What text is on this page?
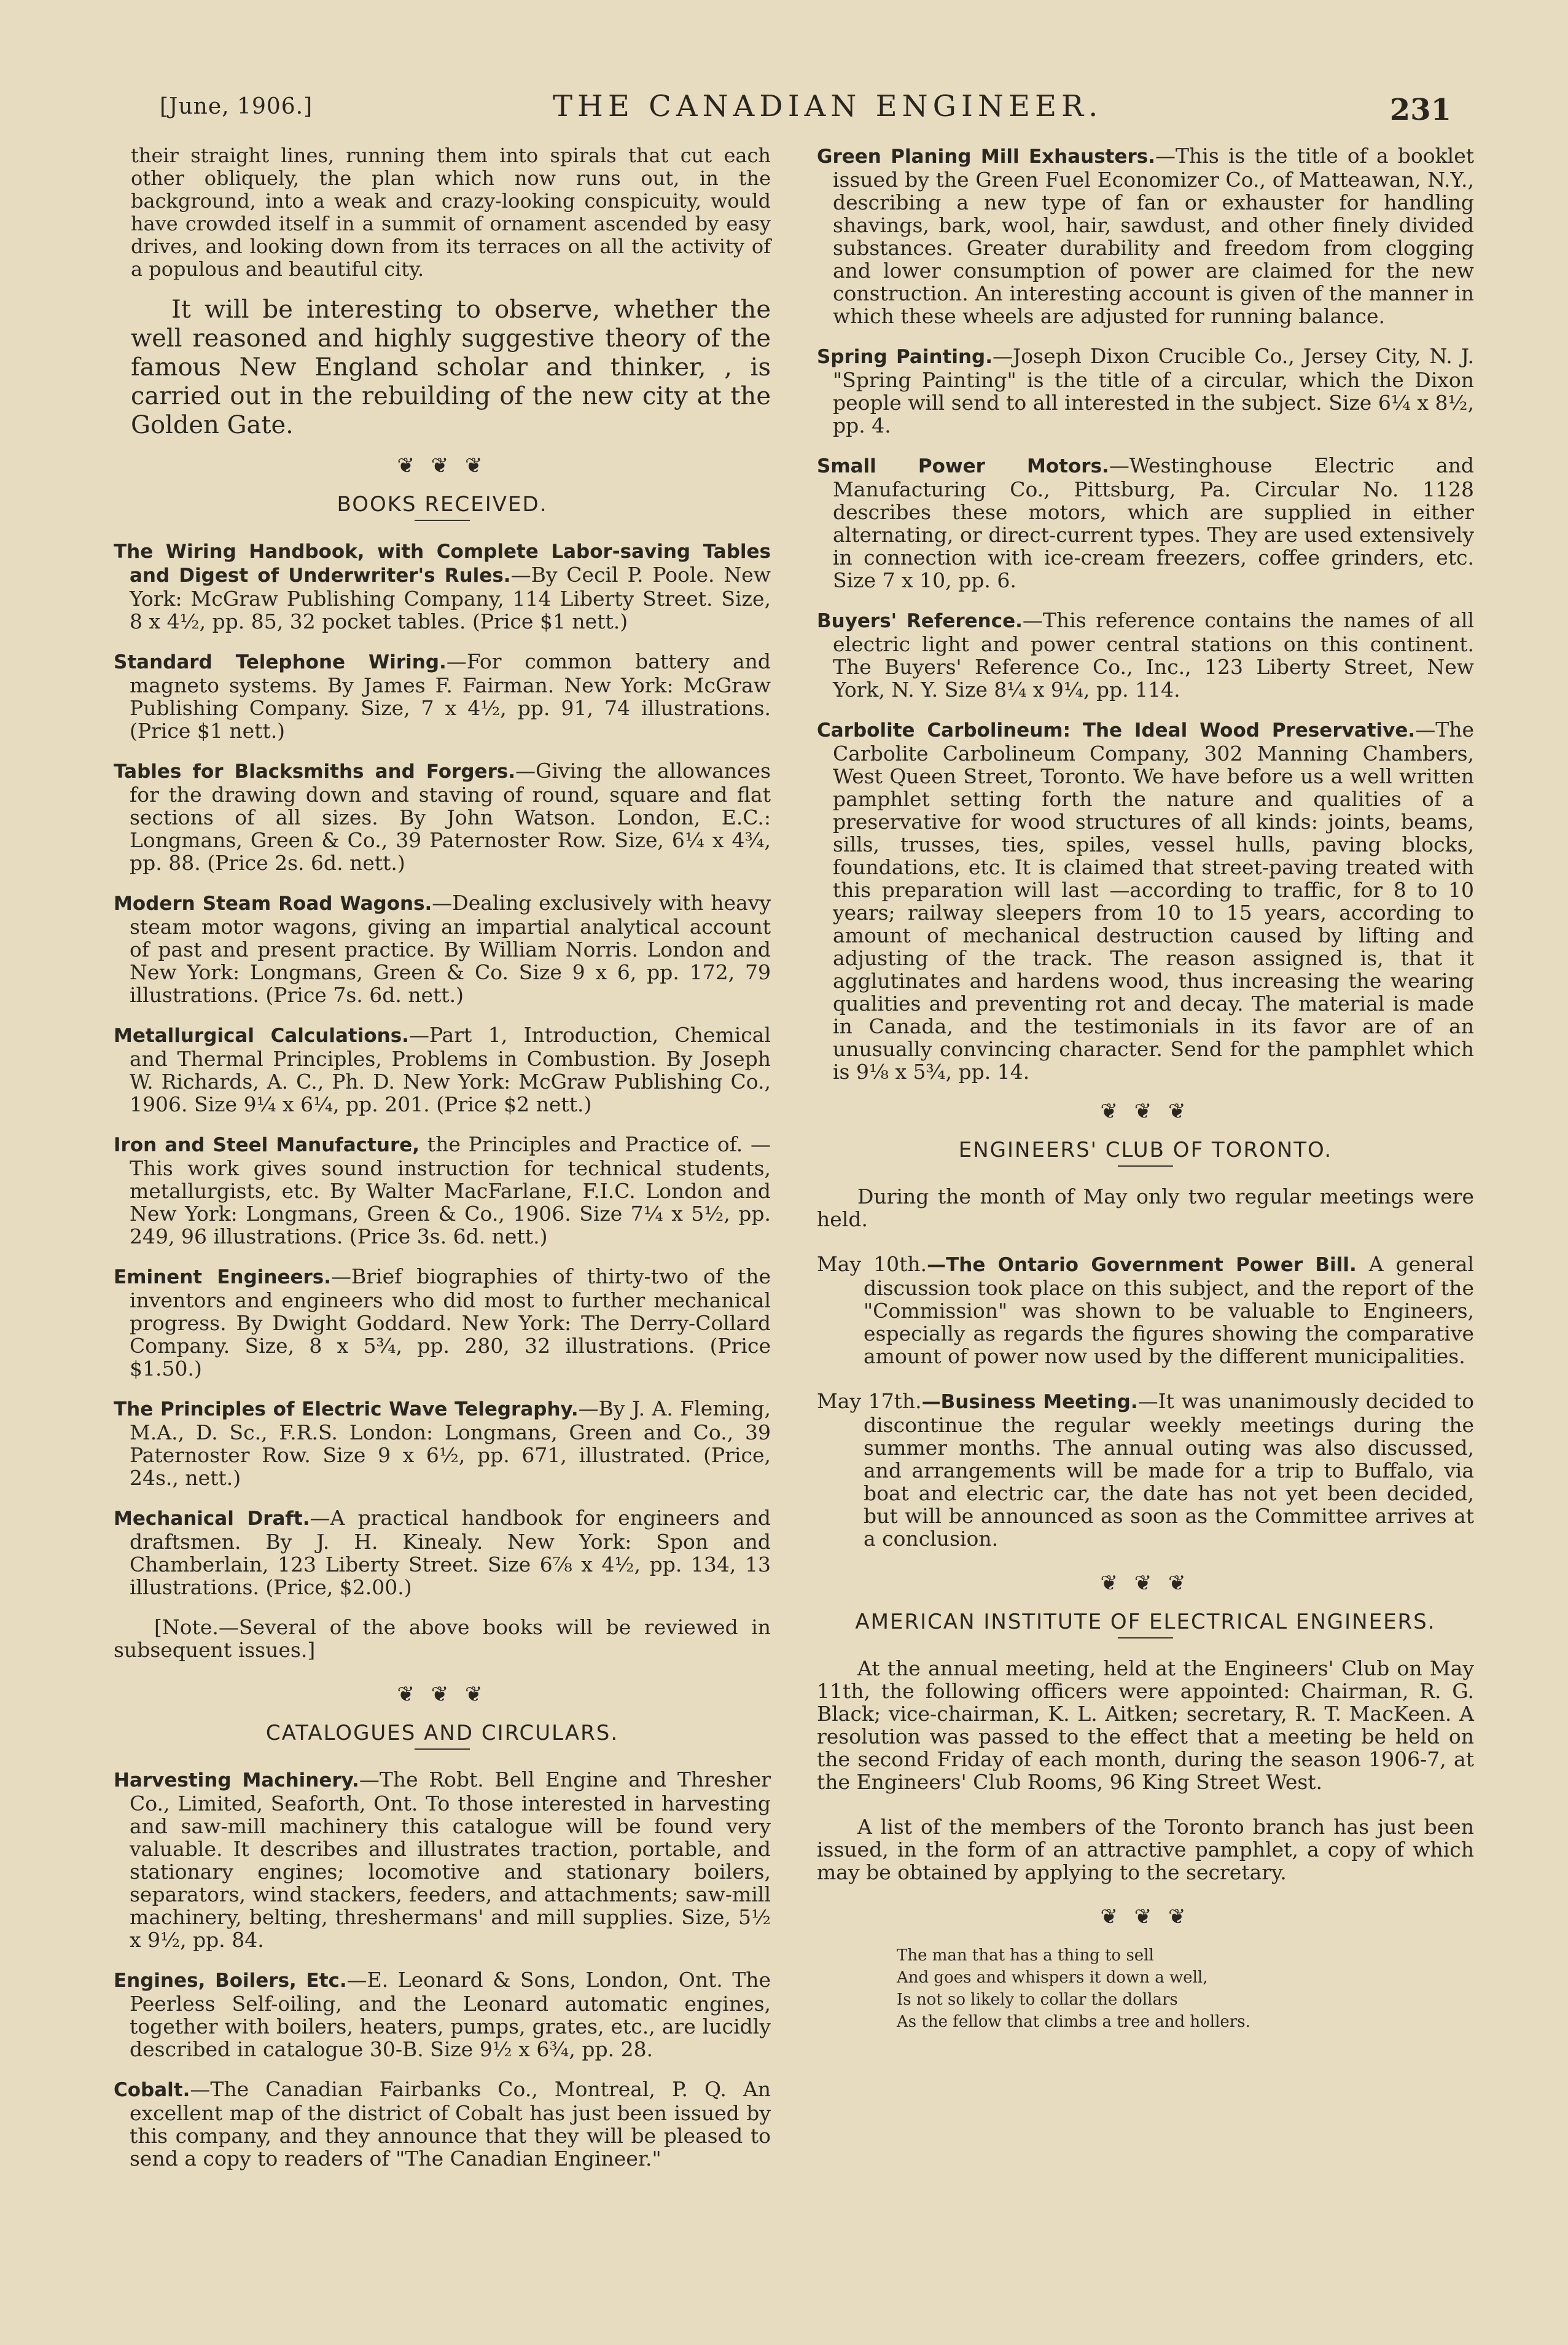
[June, 1906.]	THE CANADIAN ENGINEER.	231

their straight lines, running them into spirals that cut each other obliquely, the plan which now runs out, in the background, into a weak and crazy-looking conspicuity, would have crowded itself in a summit of ornament ascended by easy drives, and looking down from its terraces on all the activity of a populous and beautiful city.

It will be interesting to observe, whether the well reasoned and highly suggestive theory of the famous New England scholar and thinker, , is carried out in the rebuilding of the new city at the Golden Gate.

❦ ❦ ❦
BOOKS RECEIVED.

The Wiring Handbook, with Complete Labor-saving Tables and Digest of Underwriter's Rules.—By Cecil P. Poole. New York: McGraw Publishing Company, 114 Liberty Street. Size, 8 x 4½, pp. 85, 32 pocket tables. (Price $1 nett.)

Standard Telephone Wiring.—For common battery and magneto systems. By James F. Fairman. New York: McGraw Publishing Company. Size, 7 x 4½, pp. 91, 74 illustrations. (Price $1 nett.)

Tables for Blacksmiths and Forgers.—Giving the allowances for the drawing down and staving of round, square and flat sections of all sizes. By John Watson. London, E.C.: Longmans, Green & Co., 39 Paternoster Row. Size, 6¼ x 4¾, pp. 88. (Price 2s. 6d. nett.)

Modern Steam Road Wagons.—Dealing exclusively with heavy steam motor wagons, giving an impartial analytical account of past and present practice. By William Norris. London and New York: Longmans, Green & Co. Size 9 x 6, pp. 172, 79 illustrations. (Price 7s. 6d. nett.)

Metallurgical Calculations.—Part 1, Introduction, Chemical and Thermal Principles, Problems in Combustion. By Joseph W. Richards, A. C., Ph. D. New York: McGraw Publishing Co., 1906. Size 9¼ x 6¼, pp. 201. (Price $2 nett.)

Iron and Steel Manufacture, the Principles and Practice of. —This work gives sound instruction for technical students, metallurgists, etc. By Walter MacFarlane, F.I.C. London and New York: Longmans, Green & Co., 1906. Size 7¼ x 5½, pp. 249, 96 illustrations. (Price 3s. 6d. nett.)

Eminent Engineers.—Brief biographies of thirty-two of the inventors and engineers who did most to further mechanical progress. By Dwight Goddard. New York: The Derry-Collard Company. Size, 8 x 5¾, pp. 280, 32 illustrations. (Price $1.50.)

The Principles of Electric Wave Telegraphy.—By J. A. Fleming, M.A., D. Sc., F.R.S. London: Longmans, Green and Co., 39 Paternoster Row. Size 9 x 6½, pp. 671, illustrated. (Price, 24s., nett.)

Mechanical Draft.—A practical handbook for engineers and draftsmen. By J. H. Kinealy. New York: Spon and Chamberlain, 123 Liberty Street. Size 6⅞ x 4½, pp. 134, 13 illustrations. (Price, $2.00.)

[Note.—Several of the above books will be reviewed in subsequent issues.]

❦ ❦ ❦
CATALOGUES AND CIRCULARS.

Harvesting Machinery.—The Robt. Bell Engine and Thresher Co., Limited, Seaforth, Ont. To those interested in harvesting and saw-mill machinery this catalogue will be found very valuable. It describes and illustrates traction, portable, and stationary engines; locomotive and stationary boilers, separators, wind stackers, feeders, and attachments; saw-mill machinery, belting, threshermans' and mill supplies. Size, 5½ x 9½, pp. 84.

Engines, Boilers, Etc.—E. Leonard & Sons, London, Ont. The Peerless Self-oiling, and the Leonard automatic engines, together with boilers, heaters, pumps, grates, etc., are lucidly described in catalogue 30-B. Size 9½ x 6¾, pp. 28.

Cobalt.—The Canadian Fairbanks Co., Montreal, P. Q. An excellent map of the district of Cobalt has just been issued by this company, and they announce that they will be pleased to send a copy to readers of "The Canadian Engineer."

Green Planing Mill Exhausters.—This is the title of a booklet issued by the Green Fuel Economizer Co., of Matteawan, N.Y., describing a new type of fan or exhauster for handling shavings, bark, wool, hair, sawdust, and other finely divided substances. Greater durability and freedom from clogging and lower consumption of power are claimed for the new construction. An interesting account is given of the manner in which these wheels are adjusted for running balance.

Spring Painting.—Joseph Dixon Crucible Co., Jersey City, N. J. "Spring Painting" is the title of a circular, which the Dixon people will send to all interested in the subject. Size 6¼ x 8½, pp. 4.

Small Power Motors.—Westinghouse Electric and Manufacturing Co., Pittsburg, Pa. Circular No. 1128 describes these motors, which are supplied in either alternating, or direct-current types. They are used extensively in connection with ice-cream freezers, coffee grinders, etc. Size 7 x 10, pp. 6.

Buyers' Reference.—This reference contains the names of all electric light and power central stations on this continent. The Buyers' Reference Co., Inc., 123 Liberty Street, New York, N. Y. Size 8¼ x 9¼, pp. 114.

Carbolite Carbolineum: The Ideal Wood Preservative.—The Carbolite Carbolineum Company, 302 Manning Chambers, West Queen Street, Toronto. We have before us a well written pamphlet setting forth the nature and qualities of a preservative for wood structures of all kinds: joints, beams, sills, trusses, ties, spiles, vessel hulls, paving blocks, foundations, etc. It is claimed that street-paving treated with this preparation will last —according to traffic, for 8 to 10 years; railway sleepers from 10 to 15 years, according to amount of mechanical destruction caused by lifting and adjusting of the track. The reason assigned is, that it agglutinates and hardens wood, thus increasing the wearing qualities and preventing rot and decay. The material is made in Canada, and the testimonials in its favor are of an unusually convincing character. Send for the pamphlet which is 9⅛ x 5¾, pp. 14.

❦ ❦ ❦
ENGINEERS' CLUB OF TORONTO.

During the month of May only two regular meetings were held.

May 10th.—The Ontario Government Power Bill. A general discussion took place on this subject, and the report of the "Commission" was shown to be valuable to Engineers, especially as regards the figures showing the comparative amount of power now used by the different municipalities.

May 17th.—Business Meeting.—It was unanimously decided to discontinue the regular weekly meetings during the summer months. The annual outing was also discussed, and arrangements will be made for a trip to Buffalo, via boat and electric car, the date has not yet been decided, but will be announced as soon as the Committee arrives at a conclusion.

❦ ❦ ❦
AMERICAN INSTITUTE OF ELECTRICAL ENGINEERS.

At the annual meeting, held at the Engineers' Club on May 11th, the following officers were appointed: Chairman, R. G. Black; vice-chairman, K. L. Aitken; secretary, R. T. MacKeen. A resolution was passed to the effect that a meeting be held on the second Friday of each month, during the season 1906-7, at the Engineers' Club Rooms, 96 King Street West.

A list of the members of the Toronto branch has just been issued, in the form of an attractive pamphlet, a copy of which may be obtained by applying to the secretary.

❦ ❦ ❦
The man that has a thing to sell
And goes and whispers it down a well,
Is not so likely to collar the dollars
As the fellow that climbs a tree and hollers.
